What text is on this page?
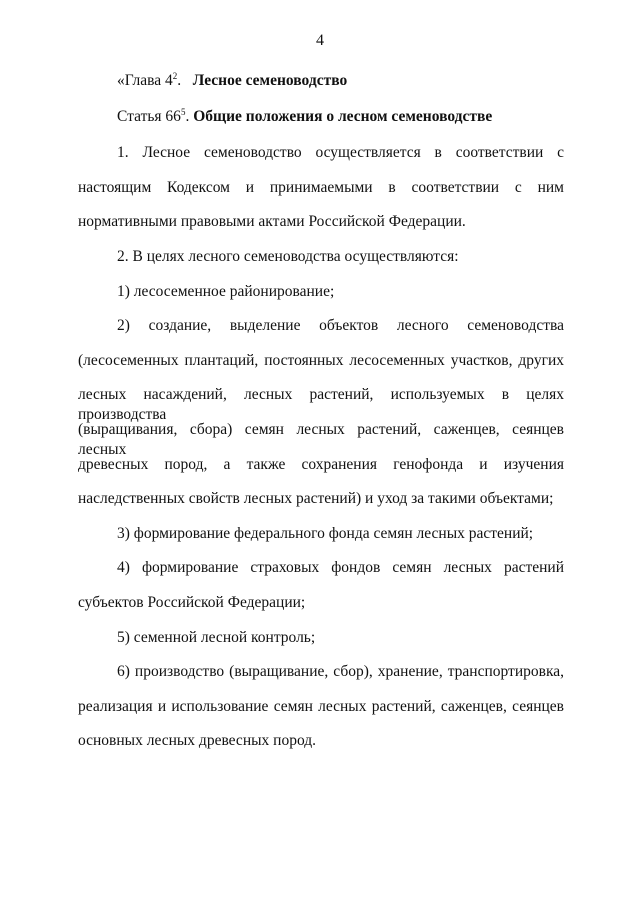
4
«Глава $4^2$. Лесное семеноводство
Статья $66^5$. Общие положения о лесном семеноводстве
1. Лесное семеноводство осуществляется в соответствии с
настоящим Кодексом и принимаемыми в соответствии с ним
нормативными правовыми актами Российской Федерации.
2. В целях лесного семеноводства осуществляются:
1) лесосеменное районирование;
2) создание, выделение объектов лесного семеноводства
(лесосеменных плантаций, постоянных лесосеменных участков, других
лесных насаждений, лесных растений, используемых в целях производства
(выращивания, сбора) семян лесных растений, саженцев, сеянцев лесных
древесных пород, а также сохранения генофонда и изучения
наследственных свойств лесных растений) и уход за такими объектами;
3) формирование федерального фонда семян лесных растений;
4) формирование страховых фондов семян лесных растений
субъектов Российской Федерации;
5) семенной лесной контроль;
6) производство (выращивание, сбор), хранение, транспортировка,
реализация и использование семян лесных растений, саженцев, сеянцев
основных лесных древесных пород.
